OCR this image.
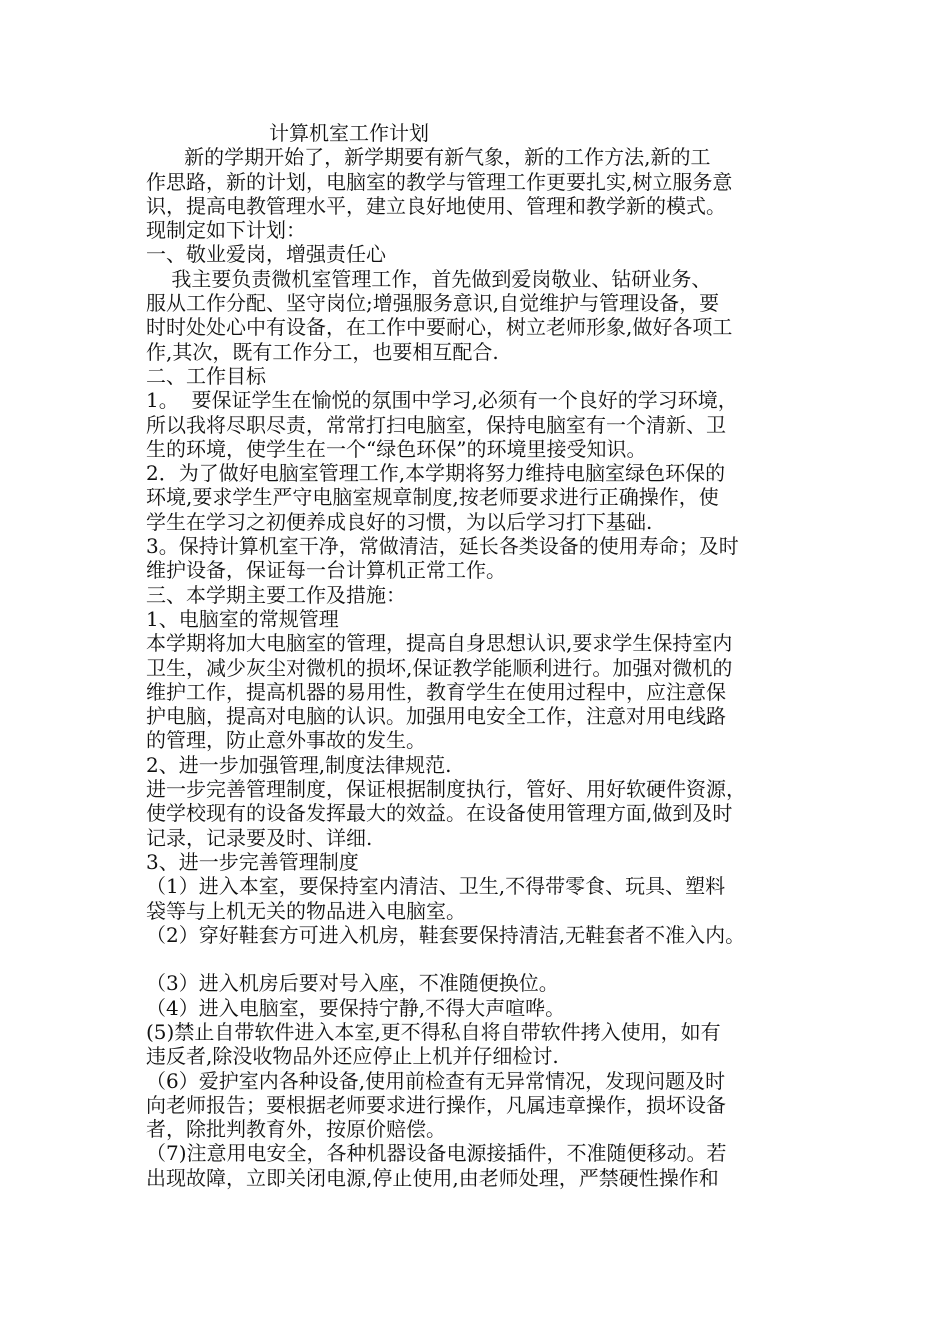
计算机室工作计划
新的学期开始了，新学期要有新气象，新的工作方法,新的工
作思路，新的计划，电脑室的教学与管理工作更要扎实,树立服务意
识，提高电教管理水平，建立良好地使用、管理和教学新的模式。
现制定如下计划：
一、敬业爱岗，增强责任心
我主要负责微机室管理工作，首先做到爱岗敬业、钻研业务、
服从工作分配、坚守岗位;增强服务意识,自觉维护与管理设备，要
时时处处心中有设备，在工作中要耐心，树立老师形象,做好各项工
作,其次，既有工作分工，也要相互配合.
二、工作目标
1。  要保证学生在愉悦的氛围中学习,必须有一个良好的学习环境，
所以我将尽职尽责，常常打扫电脑室，保持电脑室有一个清新、卫
生的环境，使学生在一个“绿色环保”的环境里接受知识。
2．为了做好电脑室管理工作,本学期将努力维持电脑室绿色环保的
环境,要求学生严守电脑室规章制度,按老师要求进行正确操作，使
学生在学习之初便养成良好的习惯，为以后学习打下基础.
3。保持计算机室干净，常做清洁，延长各类设备的使用寿命；及时
维护设备，保证每一台计算机正常工作。
三、本学期主要工作及措施：
1、电脑室的常规管理
本学期将加大电脑室的管理，提高自身思想认识,要求学生保持室内
卫生，减少灰尘对微机的损坏,保证教学能顺利进行。加强对微机的
维护工作，提高机器的易用性，教育学生在使用过程中，应注意保
护电脑，提高对电脑的认识。加强用电安全工作，注意对用电线路
的管理，防止意外事故的发生。
2、进一步加强管理,制度法律规范.
进一步完善管理制度，保证根据制度执行，管好、用好软硬件资源，
使学校现有的设备发挥最大的效益。在设备使用管理方面,做到及时
记录，记录要及时、详细.
3、进一步完善管理制度
（1）进入本室，要保持室内清洁、卫生,不得带零食、玩具、塑料
袋等与上机无关的物品进入电脑室。
（2）穿好鞋套方可进入机房，鞋套要保持清洁,无鞋套者不准入内。
（3）进入机房后要对号入座，不准随便换位。
（4）进入电脑室，要保持宁静,不得大声喧哗。
(5)禁止自带软件进入本室,更不得私自将自带软件拷入使用，如有
违反者,除没收物品外还应停止上机并仔细检讨.
（6）爱护室内各种设备,使用前检查有无异常情况，发现问题及时
向老师报告；要根据老师要求进行操作，凡属违章操作，损坏设备
者，除批判教育外，按原价赔偿。
（7)注意用电安全，各种机器设备电源接插件，不准随便移动。若
出现故障，立即关闭电源,停止使用,由老师处理，严禁硬性操作和
